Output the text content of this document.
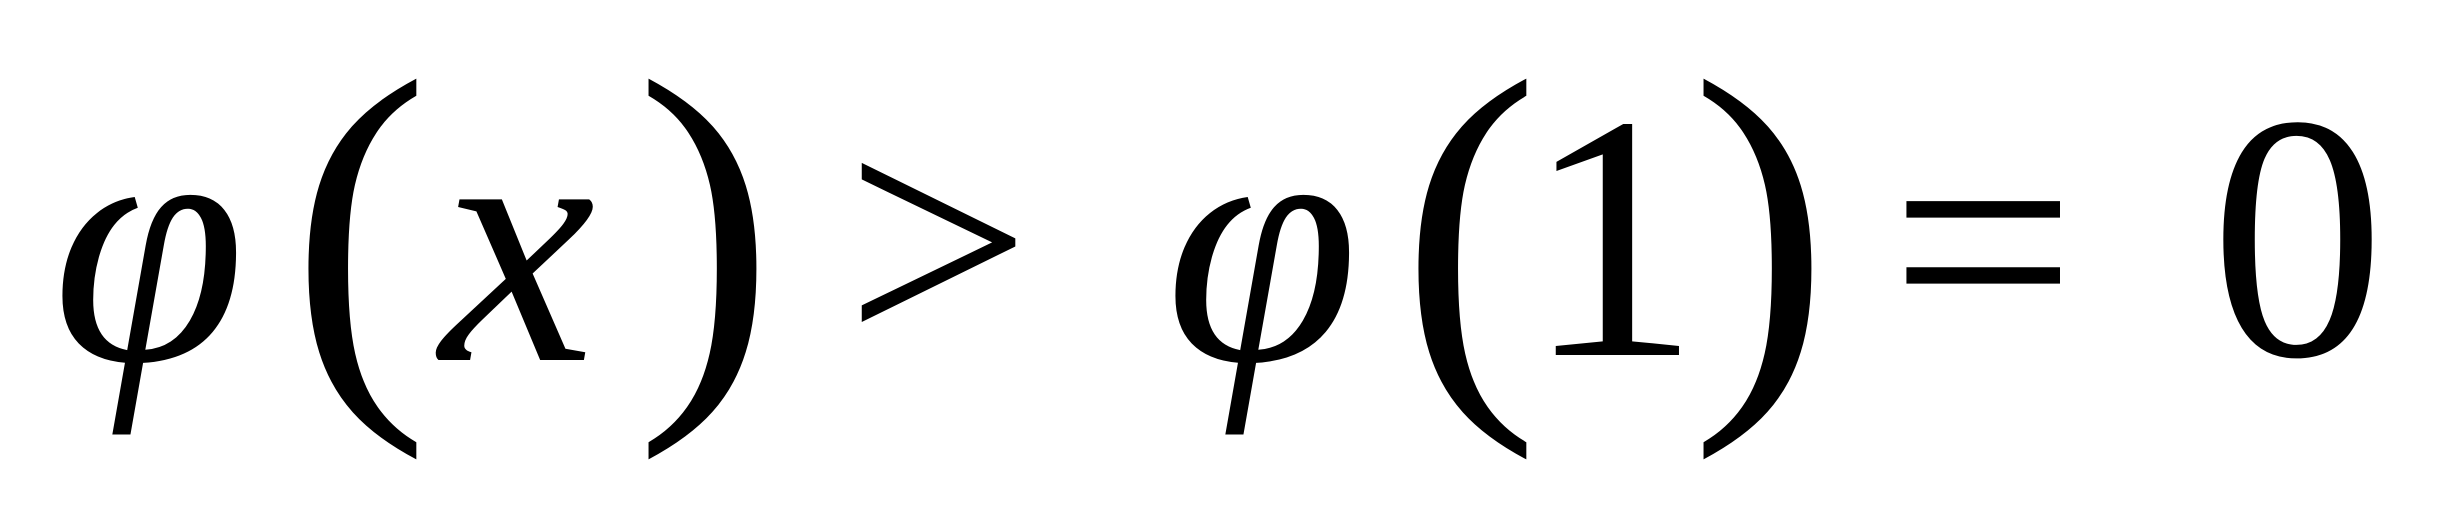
φ ( x ) > φ (
1
) = 0
